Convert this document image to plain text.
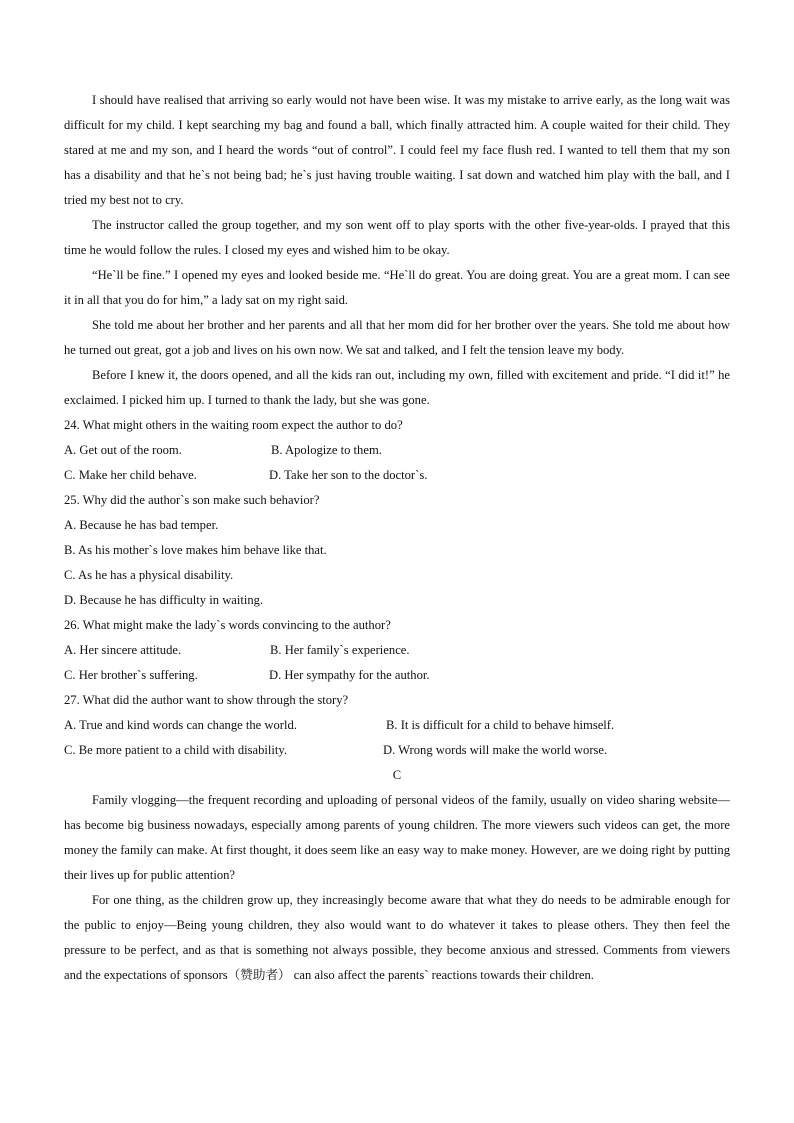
I should have realised that arriving so early would not have been wise. It was my mistake to arrive early, as the long wait was difficult for my child. I kept searching my bag and found a ball, which finally attracted him. A couple waited for their child. They stared at me and my son, and I heard the words “out of control”. I could feel my face flush red. I wanted to tell them that my son has a disability and that he`s not being bad; he`s just having trouble waiting. I sat down and watched him play with the ball, and I tried my best not to cry.

The instructor called the group together, and my son went off to play sports with the other five-year-olds. I prayed that this time he would follow the rules. I closed my eyes and wished him to be okay.

“He`ll be fine.” I opened my eyes and looked beside me. “He`ll do great. You are doing great. You are a great mom. I can see it in all that you do for him,” a lady sat on my right said.

She told me about her brother and her parents and all that her mom did for her brother over the years. She told me about how he turned out great, got a job and lives on his own now. We sat and talked, and I felt the tension leave my body.

Before I knew it, the doors opened, and all the kids ran out, including my own, filled with excitement and pride. “I did it!” he exclaimed. I picked him up. I turned to thank the lady, but she was gone.

24. What might others in the waiting room expect the author to do?

A. Get out of the room.	B. Apologize to them.
C. Make her child behave.	D. Take her son to the doctor`s.

25. Why did the author`s son make such behavior?

A. Because he has bad temper.

B. As his mother`s love makes him behave like that.

C. As he has a physical disability.

D. Because he has difficulty in waiting.

26. What might make the lady`s words convincing to the author?

A. Her sincere attitude.	B. Her family`s experience.
C. Her brother`s suffering.	D. Her sympathy for the author.

27. What did the author want to show through the story?

A. True and kind words can change the world.	B. It is difficult for a child to behave himself.
C. Be more patient to a child with disability.	D. Wrong words will make the world worse.

C

Family vlogging—the frequent recording and uploading of personal videos of the family, usually on video sharing website—has become big business nowadays, especially among parents of young children. The more viewers such videos can get, the more money the family can make. At first thought, it does seem like an easy way to make money. However, are we doing right by putting their lives up for public attention?

For one thing, as the children grow up, they increasingly become aware that what they do needs to be admirable enough for the public to enjoy—Being young children, they also would want to do whatever it takes to please others. They then feel the pressure to be perfect, and as that is something not always possible, they become anxious and stressed. Comments from viewers and the expectations of sponsors（赞助者） can also affect the parents` reactions towards their children.
